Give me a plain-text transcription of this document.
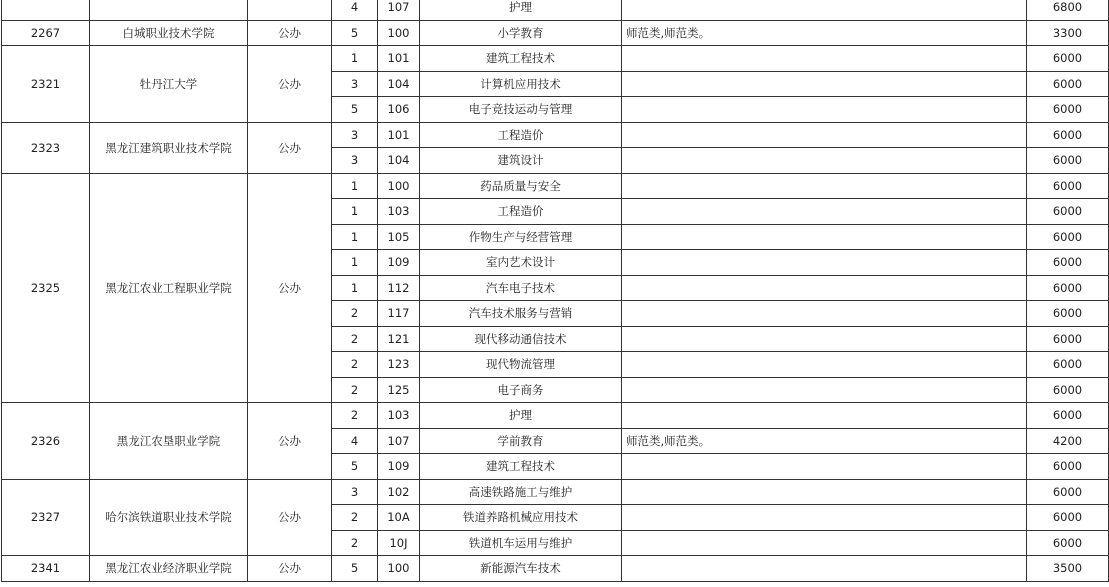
			4	107	护理		6800
2267	白城职业技术学院	公办	5	100	小学教育	师范类,师范类。	3300
2321	牡丹江大学	公办	1	101	建筑工程技术		6000
			3	104	计算机应用技术		6000
			5	106	电子竞技运动与管理		6000
2323	黑龙江建筑职业技术学院	公办	3	101	工程造价		6000
			3	104	建筑设计		6000
2325	黑龙江农业工程职业学院	公办	1	100	药品质量与安全		6000
			1	103	工程造价		6000
			1	105	作物生产与经营管理		6000
			1	109	室内艺术设计		6000
			1	112	汽车电子技术		6000
			2	117	汽车技术服务与营销		6000
			2	121	现代移动通信技术		6000
			2	123	现代物流管理		6000
			2	125	电子商务		6000
2326	黑龙江农垦职业学院	公办	2	103	护理		6000
			4	107	学前教育	师范类,师范类。	4200
			5	109	建筑工程技术		6000
2327	哈尔滨铁道职业技术学院	公办	3	102	高速铁路施工与维护		6000
			2	10A	铁道养路机械应用技术		6000
			2	10J	铁道机车运用与维护		6000
2341	黑龙江农业经济职业学院	公办	5	100	新能源汽车技术		3500
